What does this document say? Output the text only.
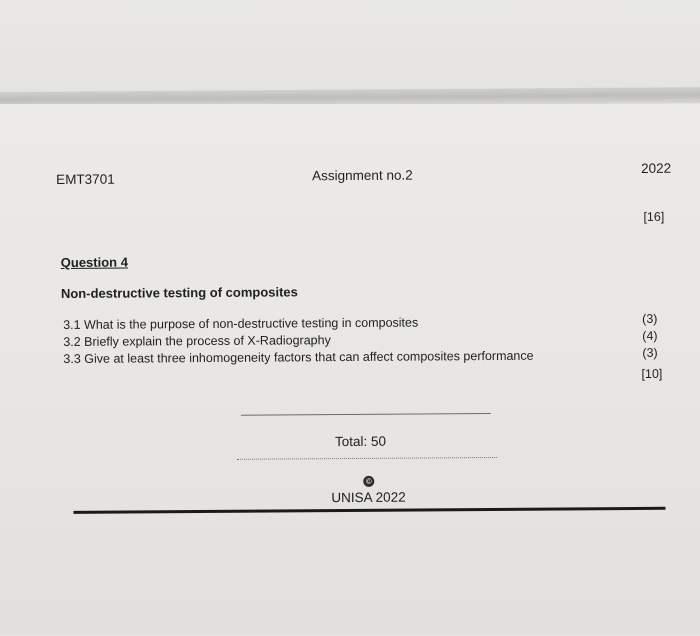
EMT3701	Assignment no.2	2022
[16]
Question 4
Non-destructive testing of composites
3.1 What is the purpose of non-destructive testing in composites	(3)
3.2 Briefly explain the process of X-Radiography	(4)
3.3 Give at least three inhomogeneity factors that can affect composites performance	(3)
[10]
Total: 50
©
UNISA 2022
